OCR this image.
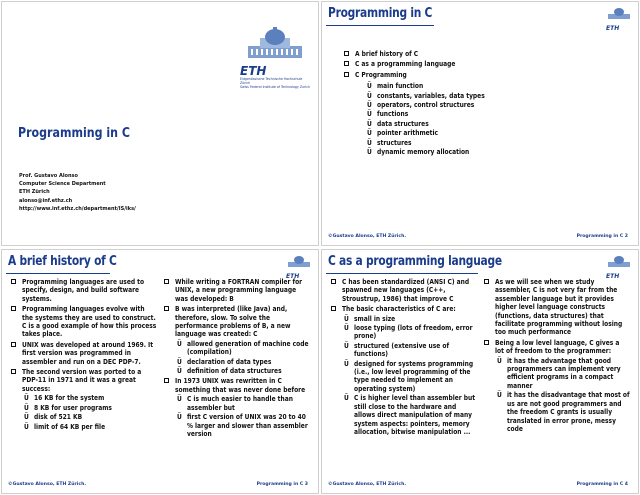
ETH
Eidgenössische Technische Hochschule Zürich
Swiss Federal Institute of Technology Zurich
Programming in C
Prof. Gustavo Alonso
Computer Science Department
ETH Zürich
alonso@inf.ethz.ch
http://www.inf.ethz.ch/department/IS/iks/
Programming in C
ETH
A brief history of C
C as a programming language
C Programming
Ü main function
Ü constants, variables, data types
Ü operators, control structures
Ü functions
Ü data structures
Ü pointer arithmetic
Ü structures
Ü dynamic memory allocation
©Gustavo Alonso, ETH Zürich.	Programming in C 2
A brief history of C
ETH
Programming languages are used to specify, design, and build software systems.
Programming languages evolve with the systems they are used to construct. C is a good example of how this process takes place.
UNIX was developed at around 1969. It first version was programmed in assembler and run on a DEC PDP-7.
The second version was ported to a PDP-11 in 1971 and it was a great success:
Ü 16 KB for the system
Ü 8 KB for user programs
Ü disk of 521 KB
Ü limit of 64 KB per file
While writing a FORTRAN compiler for UNIX, a new programming language was developed: B
B was interpreted (like Java) and, therefore, slow. To solve the performance problems of B, a new language was created: C
Ü allowed generation of machine code (compilation)
Ü declaration of data types
Ü definition of data structures
In 1973 UNIX was rewritten in C something that was never done before
Ü C is much easier to handle than assembler but
Ü first C version of UNIX was 20 to 40 % larger and slower than assembler version
©Gustavo Alonso, ETH Zürich.	Programming in C 3
C as a programming language
ETH
C has been standardized (ANSI C) and spawned new languages (C++, Stroustrup, 1986) that improve C
The basic characteristics of C are:
Ü small in size
Ü loose typing (lots of freedom, error prone)
Ü structured (extensive use of functions)
Ü designed for systems programming (i.e., low level programming of the type needed to implement an operating system)
Ü C is higher level than assembler but still close to the hardware and allows direct manipulation of many system aspects: pointers, memory allocation, bitwise manipulation ...
As we will see when we study assembler, C is not very far from the assembler language but it provides higher level language constructs (functions, data structures) that facilitate programming without losing too much performance
Being a low level language, C gives a lot of freedom to the programmer:
Ü it has the advantage that good programmers can implement very efficient programs in a compact manner
Ü it has the disadvantage that most of us are not good programmers and the freedom C grants is usually translated in error prone, messy code
©Gustavo Alonso, ETH Zürich.	Programming in C 4
